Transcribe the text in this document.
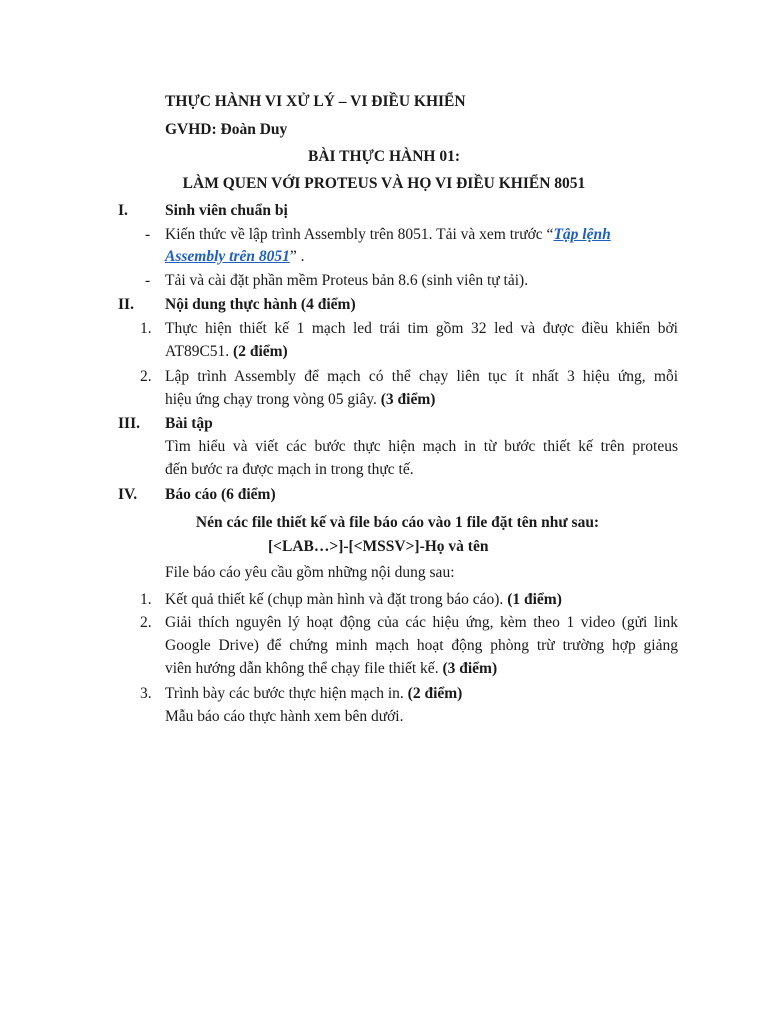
THỰC HÀNH VI XỬ LÝ – VI ĐIỀU KHIỂN
GVHD: Đoàn Duy
BÀI THỰC HÀNH 01:
LÀM QUEN VỚI PROTEUS VÀ HỌ VI ĐIỀU KHIỂN 8051
I. Sinh viên chuẩn bị
- Kiến thức về lập trình Assembly trên 8051. Tải và xem trước “Tập lệnh
Assembly trên 8051” .
- Tải và cài đặt phần mềm Proteus bản 8.6 (sinh viên tự tải).
II. Nội dung thực hành (4 điểm)
1. Thực hiện thiết kế 1 mạch led trái tim gồm 32 led và được điều khiển bởi
AT89C51. (2 điểm)
2. Lập trình Assembly để mạch có thể chạy liên tục ít nhất 3 hiệu ứng, mỗi
hiệu ứng chạy trong vòng 05 giây. (3 điểm)
III. Bài tập
Tìm hiểu và viết các bước thực hiện mạch in từ bước thiết kế trên proteus
đến bước ra được mạch in trong thực tế.
IV. Báo cáo (6 điểm)
Nén các file thiết kế và file báo cáo vào 1 file đặt tên như sau:
[<LAB…>]-[<MSSV>]-Họ và tên
File báo cáo yêu cầu gồm những nội dung sau:
1. Kết quả thiết kế (chụp màn hình và đặt trong báo cáo). (1 điểm)
2. Giải thích nguyên lý hoạt động của các hiệu ứng, kèm theo 1 video (gửi link
Google Drive) để chứng minh mạch hoạt động phòng trừ trường hợp giảng
viên hướng dẫn không thể chạy file thiết kế. (3 điểm)
3. Trình bày các bước thực hiện mạch in. (2 điểm)
Mẫu báo cáo thực hành xem bên dưới.
